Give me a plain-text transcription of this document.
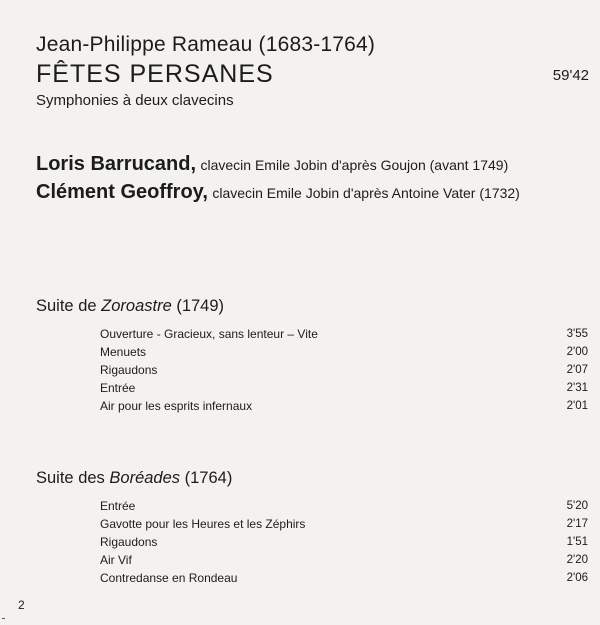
Jean-Philippe Rameau (1683-1764)
FÊTES PERSANES	59'42
Symphonies à deux clavecins
Loris Barrucand, clavecin Emile Jobin d'après Goujon (avant 1749)
Clément Geoffroy, clavecin Emile Jobin d'après Antoine Vater (1732)
Suite de Zoroastre (1749)
Ouverture - Gracieux, sans lenteur – Vite	3'55
Menuets	2'00
Rigaudons	2'07
Entrée	2'31
Air pour les esprits infernaux	2'01
Suite des Boréades (1764)
Entrée	5'20
Gavotte pour les Heures et les Zéphirs	2'17
Rigaudons	1'51
Air Vif	2'20
Contredanse en Rondeau	2'06
2
